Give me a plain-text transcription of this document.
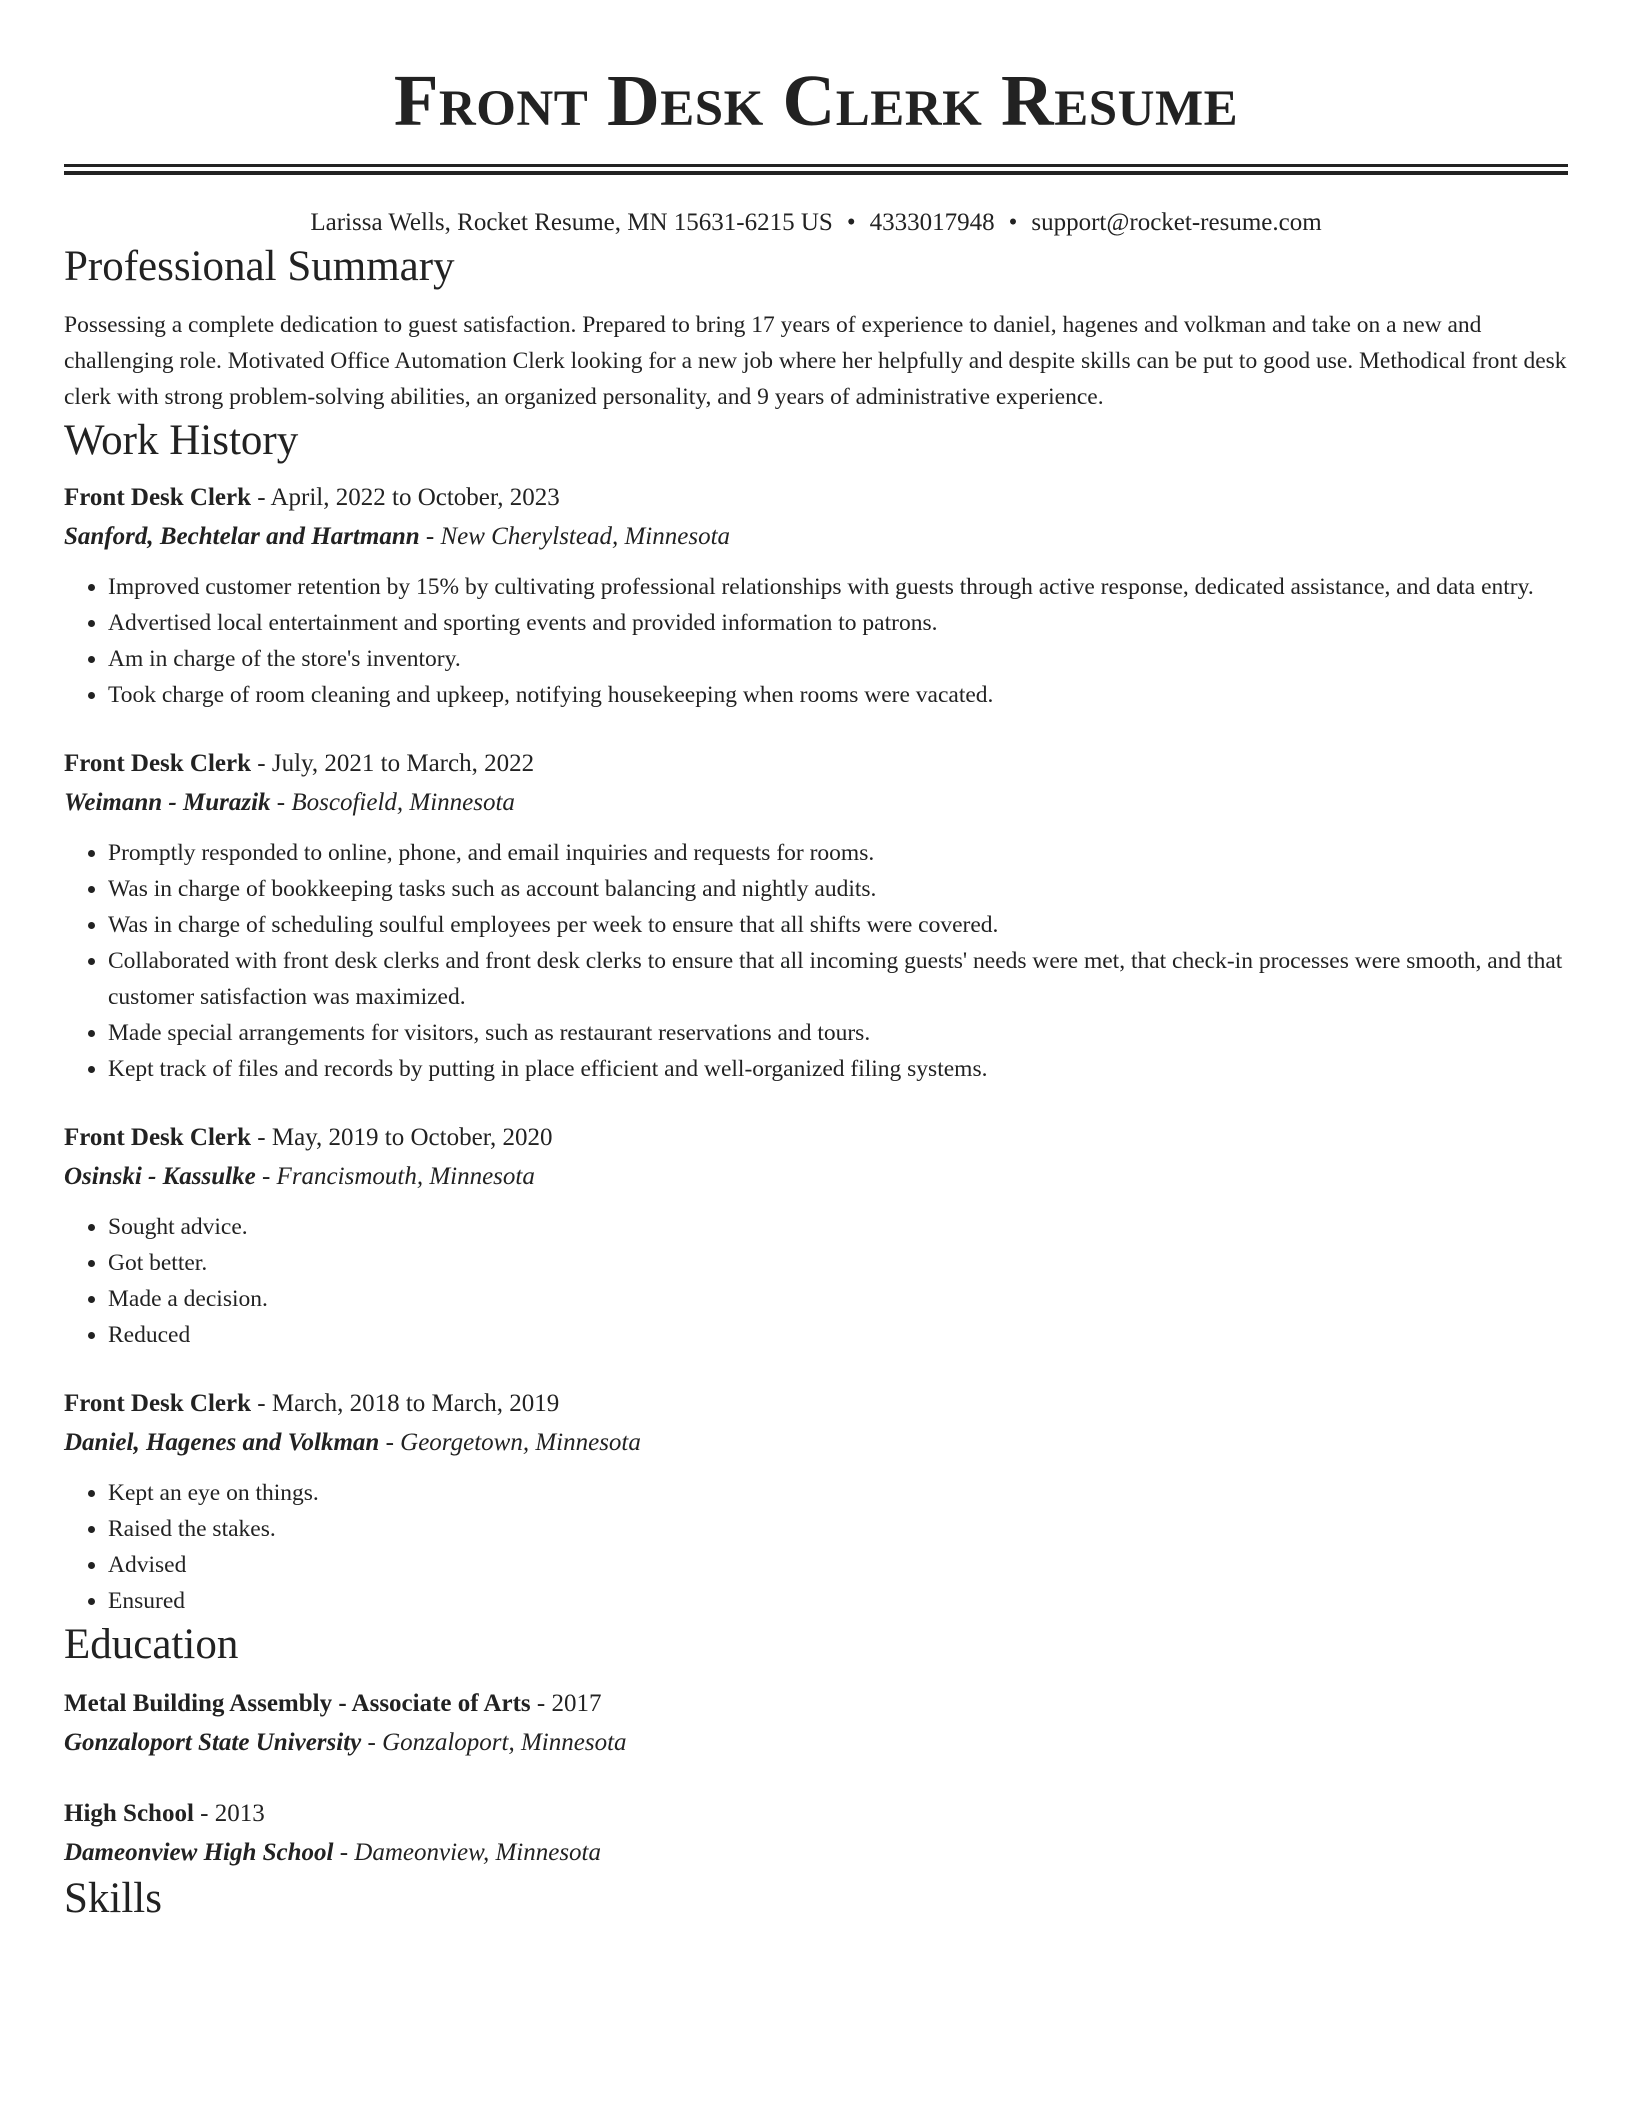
Front Desk Clerk Resume
Larissa Wells, Rocket Resume, MN 15631-6215 US • 4333017948 • support@rocket-resume.com
Professional Summary

Possessing a complete dedication to guest satisfaction. Prepared to bring 17 years of experience to daniel, hagenes and volkman and take on a new and challenging role. Motivated Office Automation Clerk looking for a new job where her helpfully and despite skills can be put to good use. Methodical front desk clerk with strong problem-solving abilities, an organized personality, and 9 years of administrative experience.

Work History
Front Desk Clerk - April, 2022 to October, 2023
Sanford, Bechtelar and Hartmann - New Cherylstead, Minnesota
• Improved customer retention by 15% by cultivating professional relationships with guests through active response, dedicated assistance, and data entry.
• Advertised local entertainment and sporting events and provided information to patrons.
• Am in charge of the store's inventory.
• Took charge of room cleaning and upkeep, notifying housekeeping when rooms were vacated.
Front Desk Clerk - July, 2021 to March, 2022
Weimann - Murazik - Boscofield, Minnesota
• Promptly responded to online, phone, and email inquiries and requests for rooms.
• Was in charge of bookkeeping tasks such as account balancing and nightly audits.
• Was in charge of scheduling soulful employees per week to ensure that all shifts were covered.
• Collaborated with front desk clerks and front desk clerks to ensure that all incoming guests' needs were met, that check-in processes were smooth, and that customer satisfaction was maximized.
• Made special arrangements for visitors, such as restaurant reservations and tours.
• Kept track of files and records by putting in place efficient and well-organized filing systems.
Front Desk Clerk - May, 2019 to October, 2020
Osinski - Kassulke - Francismouth, Minnesota
• Sought advice.
• Got better.
• Made a decision.
• Reduced
Front Desk Clerk - March, 2018 to March, 2019
Daniel, Hagenes and Volkman - Georgetown, Minnesota
• Kept an eye on things.
• Raised the stakes.
• Advised
• Ensured
Education
Metal Building Assembly - Associate of Arts - 2017
Gonzaloport State University - Gonzaloport, Minnesota
High School - 2013
Dameonview High School - Dameonview, Minnesota
Skills
